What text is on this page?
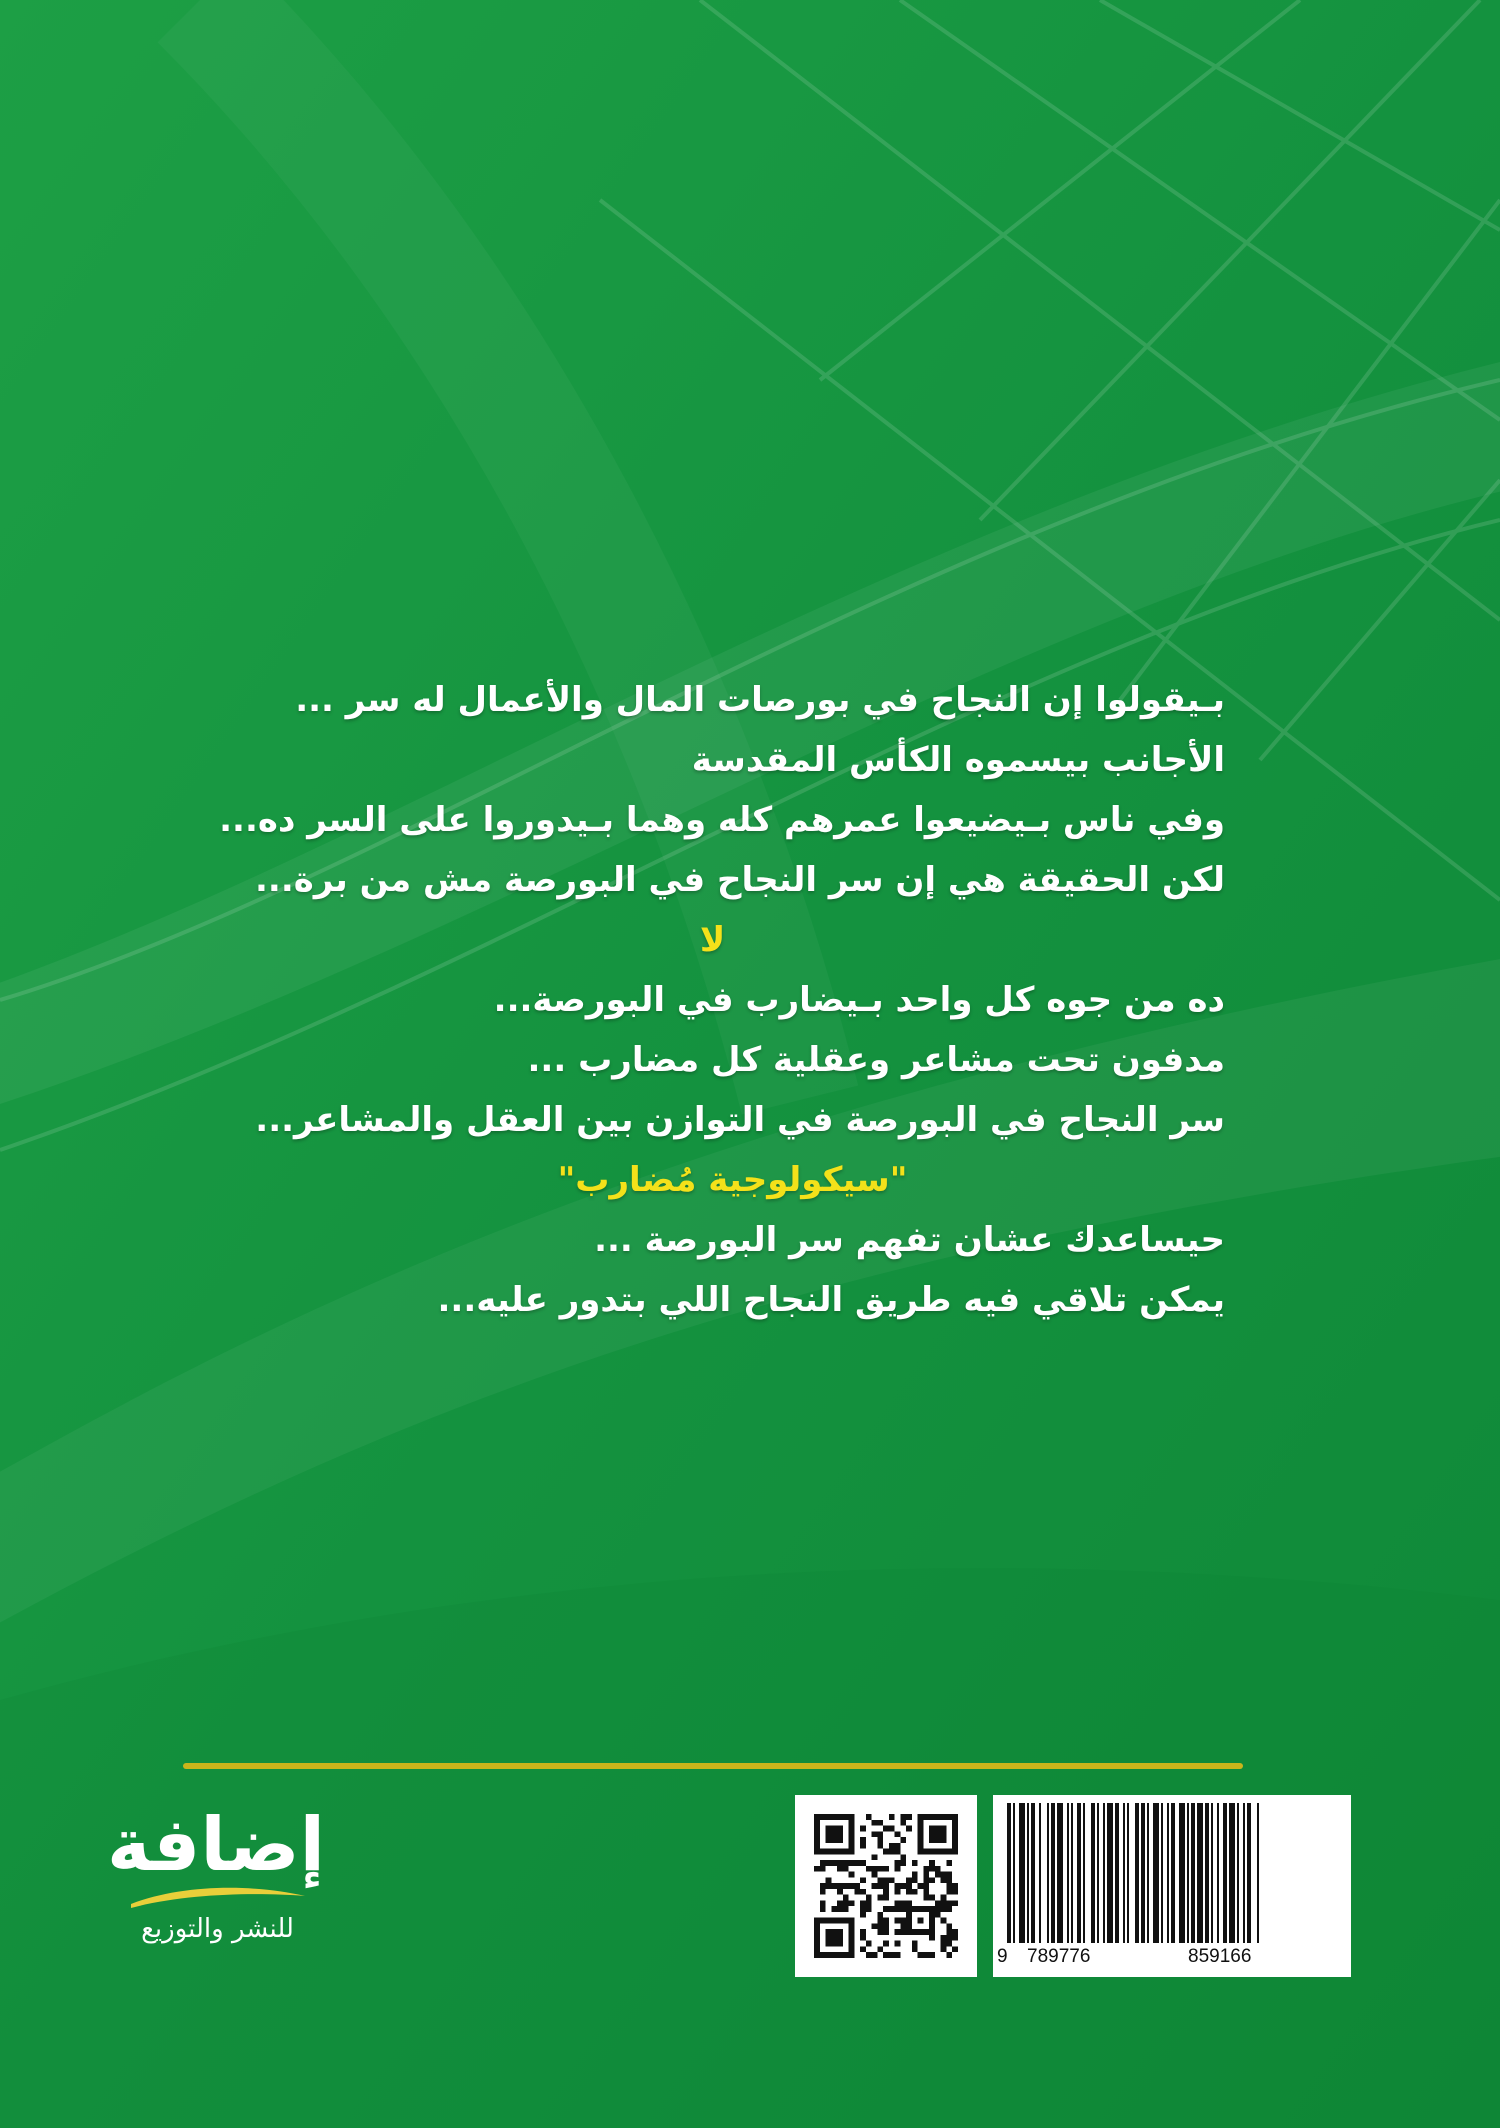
بـيقولوا إن النجاح في بورصات المال والأعمال له سر ...
الأجانب بيسموه الكأس المقدسة
وفي ناس بـيضيعوا عمرهم كله وهما بـيدوروا على السر ده...
لكن الحقيقة هي إن سر النجاح في البورصة مش من برة...
لا
ده من جوه كل واحد بـيضارب في البورصة...
مدفون تحت مشاعر وعقلية كل مضارب ...
سر النجاح في البورصة في التوازن بين العقل والمشاعر...
"سيكولوجية مُضارب"
حيساعدك عشان تفهم سر البورصة ...
يمكن تلاقي فيه طريق النجاح اللي بتدور عليه...
9 789776	859166
إضافة
للنشر والتوزيع
